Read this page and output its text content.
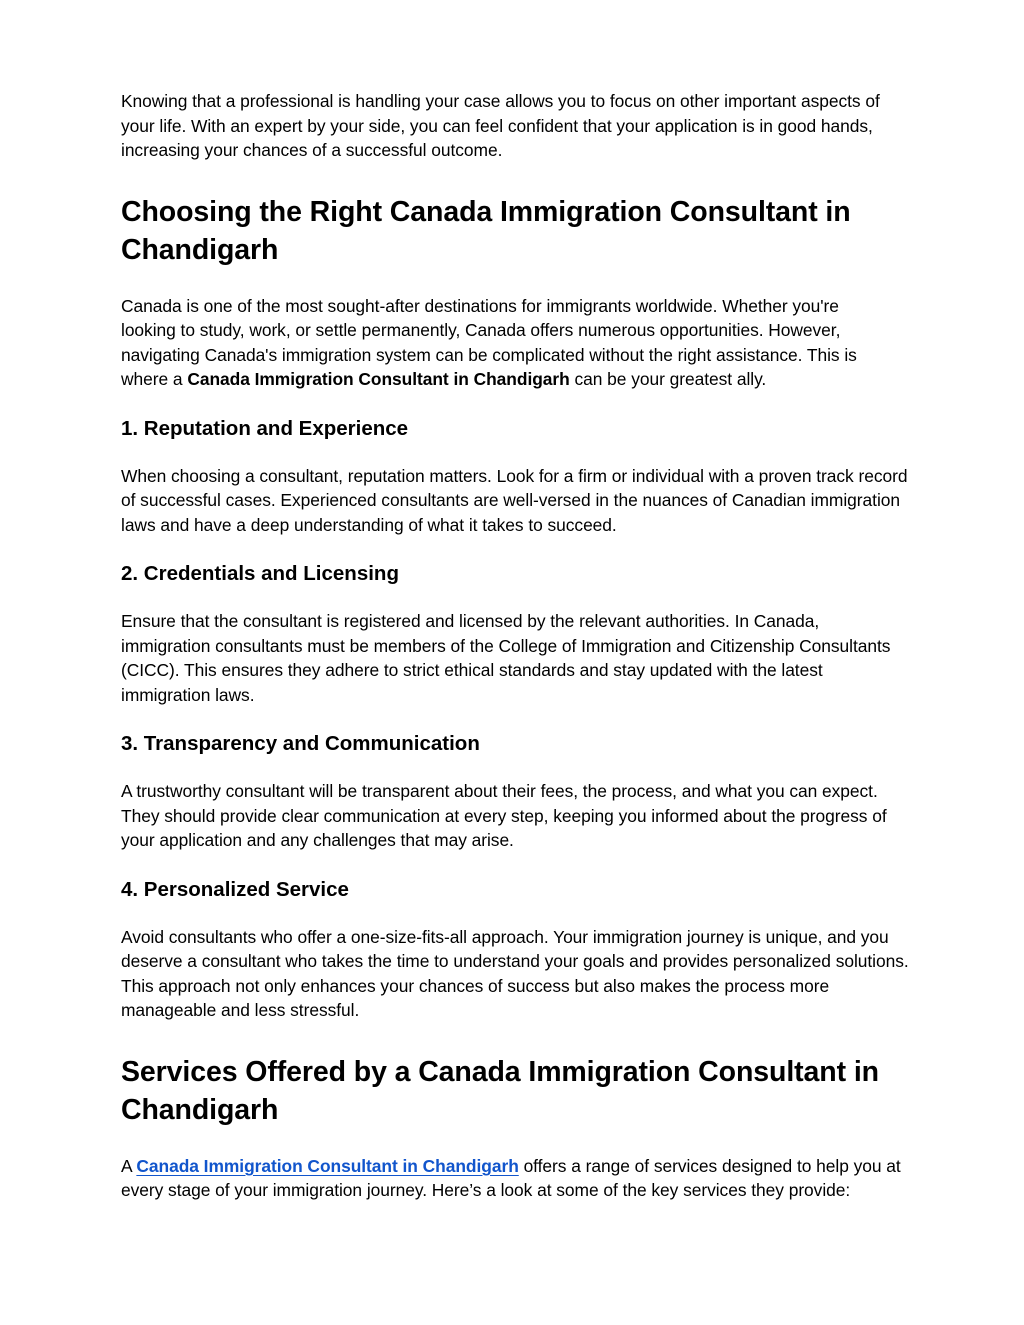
Knowing that a professional is handling your case allows you to focus on other important aspects of your life. With an expert by your side, you can feel confident that your application is in good hands, increasing your chances of a successful outcome.

Choosing the Right Canada Immigration Consultant in Chandigarh

Canada is one of the most sought-after destinations for immigrants worldwide. Whether you're looking to study, work, or settle permanently, Canada offers numerous opportunities. However, navigating Canada's immigration system can be complicated without the right assistance. This is where a Canada Immigration Consultant in Chandigarh can be your greatest ally.

1. Reputation and Experience

When choosing a consultant, reputation matters. Look for a firm or individual with a proven track record of successful cases. Experienced consultants are well-versed in the nuances of Canadian immigration laws and have a deep understanding of what it takes to succeed.

2. Credentials and Licensing

Ensure that the consultant is registered and licensed by the relevant authorities. In Canada, immigration consultants must be members of the College of Immigration and Citizenship Consultants (CICC). This ensures they adhere to strict ethical standards and stay updated with the latest immigration laws.

3. Transparency and Communication

A trustworthy consultant will be transparent about their fees, the process, and what you can expect. They should provide clear communication at every step, keeping you informed about the progress of your application and any challenges that may arise.

4. Personalized Service

Avoid consultants who offer a one-size-fits-all approach. Your immigration journey is unique, and you deserve a consultant who takes the time to understand your goals and provides personalized solutions. This approach not only enhances your chances of success but also makes the process more manageable and less stressful.

Services Offered by a Canada Immigration Consultant in Chandigarh

A Canada Immigration Consultant in Chandigarh offers a range of services designed to help you at every stage of your immigration journey. Here’s a look at some of the key services they provide:
